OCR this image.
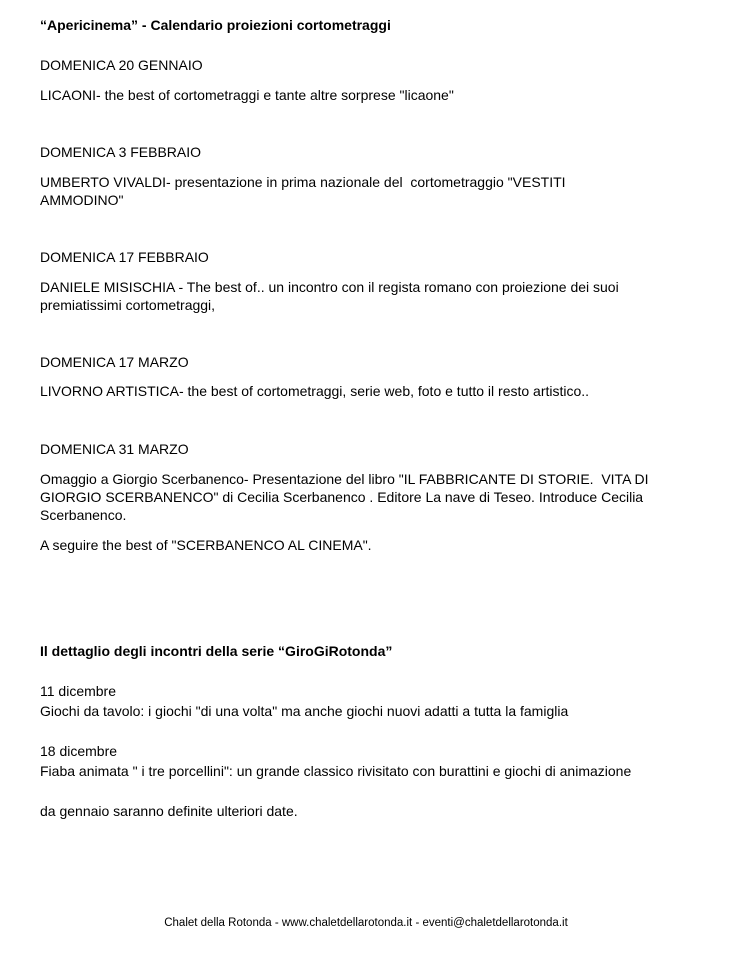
“Apericinema” - Calendario proiezioni cortometraggi

DOMENICA 20 GENNAIO

LICAONI- the best of cortometraggi e tante altre sorprese "licaone"

DOMENICA 3 FEBBRAIO

UMBERTO VIVALDI- presentazione in prima nazionale del  cortometraggio "VESTITI AMMODINO"

DOMENICA 17 FEBBRAIO

DANIELE MISISCHIA - The best of.. un incontro con il regista romano con proiezione dei suoi premiatissimi cortometraggi,

DOMENICA 17 MARZO

LIVORNO ARTISTICA- the best of cortometraggi, serie web, foto e tutto il resto artistico..

DOMENICA 31 MARZO

Omaggio a Giorgio Scerbanenco- Presentazione del libro "IL FABBRICANTE DI STORIE.  VITA DI GIORGIO SCERBANENCO" di Cecilia Scerbanenco . Editore La nave di Teseo. Introduce Cecilia Scerbanenco.

A seguire the best of "SCERBANENCO AL CINEMA".

Il dettaglio degli incontri della serie “GiroGiRotonda”

11 dicembre

Giochi da tavolo: i giochi "di una volta" ma anche giochi nuovi adatti a tutta la famiglia

18 dicembre

Fiaba animata " i tre porcellini": un grande classico rivisitato con burattini e giochi di animazione

da gennaio saranno definite ulteriori date.

Chalet della Rotonda - www.chaletdellarotonda.it - eventi@chaletdellarotonda.it
